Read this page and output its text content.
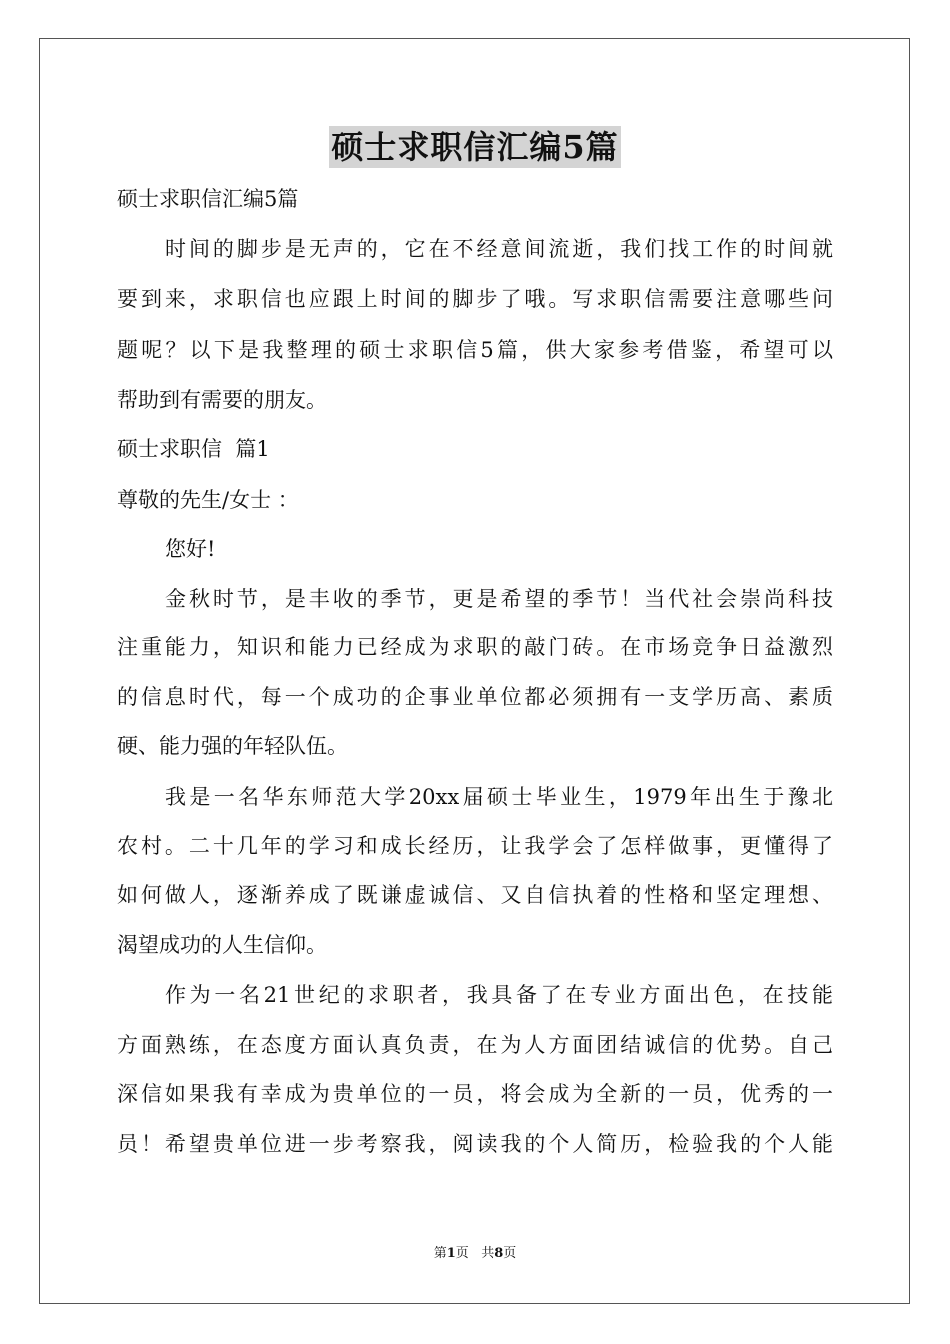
硕士求职信汇编5篇
硕士求职信汇编5篇
时间的脚步是无声的，它在不经意间流逝，我们找工作的时间就
要到来，求职信也应跟上时间的脚步了哦。写求职信需要注意哪些问
题呢？以下是我整理的硕士求职信5篇，供大家参考借鉴，希望可以
帮助到有需要的朋友。
硕士求职信  篇1
尊敬的先生/女士 ：
您好!
金秋时节，是丰收的季节，更是希望的季节！当代社会崇尚科技
注重能力，知识和能力已经成为求职的敲门砖。在市场竞争日益激烈
的信息时代，每一个成功的企事业单位都必须拥有一支学历高、素质
硬、能力强的年轻队伍。
我是一名华东师范大学20xx届硕士毕业生，1979年出生于豫北
农村。二十几年的学习和成长经历，让我学会了怎样做事，更懂得了
如何做人，逐渐养成了既谦虚诚信、又自信执着的性格和坚定理想、
渴望成功的人生信仰。
作为一名21世纪的求职者，我具备了在专业方面出色，在技能
方面熟练，在态度方面认真负责，在为人方面团结诚信的优势。自己
深信如果我有幸成为贵单位的一员，将会成为全新的一员，优秀的一
员！希望贵单位进一步考察我，阅读我的个人简历，检验我的个人能
第1页 共8页
